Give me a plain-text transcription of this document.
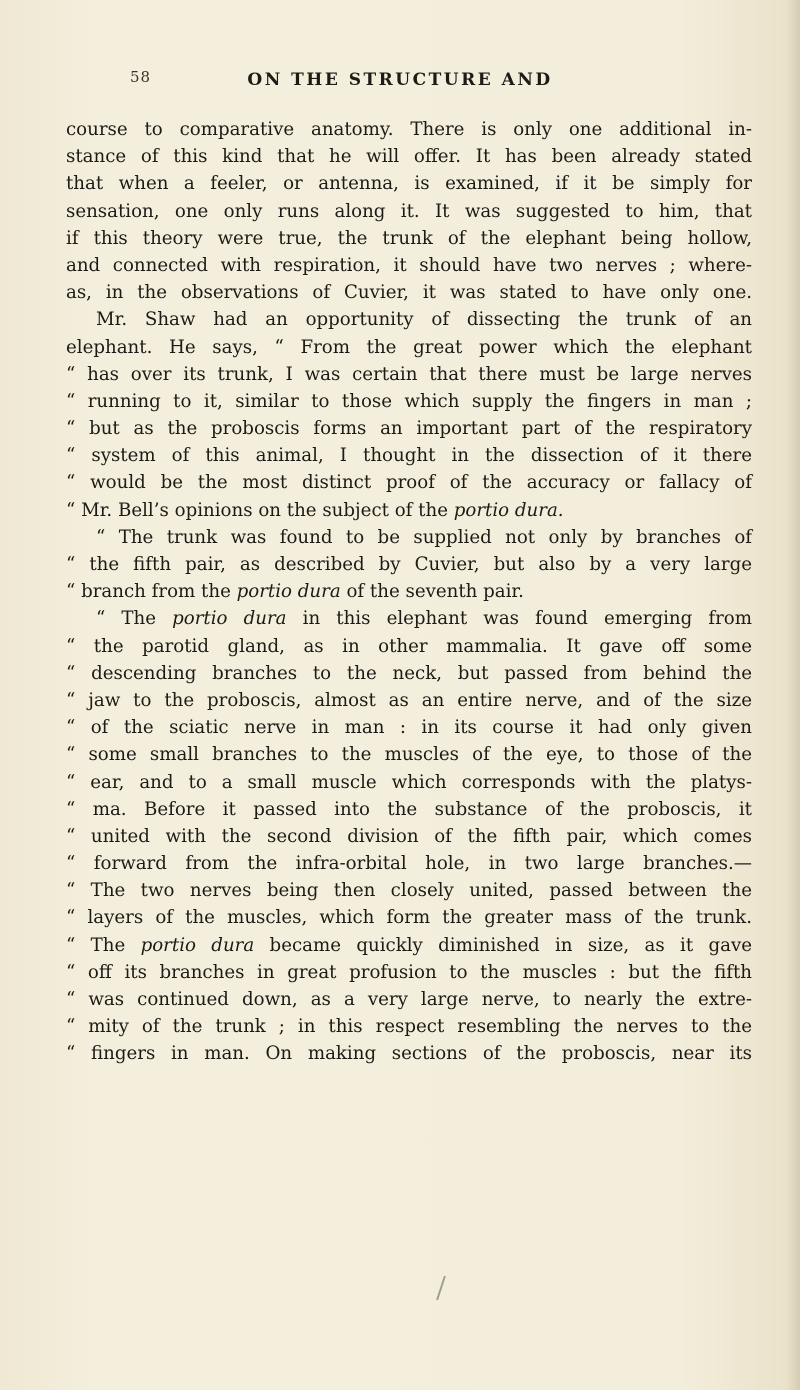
58	ON THE STRUCTURE AND
course to comparative anatomy. There is only one additional in-
stance of this kind that he will offer. It has been already stated
that when a feeler, or antenna, is examined, if it be simply for
sensation, one only runs along it. It was suggested to him, that
if this theory were true, the trunk of the elephant being hollow,
and connected with respiration, it should have two nerves ; where-
as, in the observations of Cuvier, it was stated to have only one.
Mr. Shaw had an opportunity of dissecting the trunk of an
elephant. He says, “ From the great power which the elephant
“ has over its trunk, I was certain that there must be large nerves
“ running to it, similar to those which supply the fingers in man ;
“ but as the proboscis forms an important part of the respiratory
“ system of this animal, I thought in the dissection of it there
“ would be the most distinct proof of the accuracy or fallacy of
“ Mr. Bell’s opinions on the subject of the portio dura.
“ The trunk was found to be supplied not only by branches of
“ the fifth pair, as described by Cuvier, but also by a very large
“ branch from the portio dura of the seventh pair.
“ The portio dura in this elephant was found emerging from
“ the parotid gland, as in other mammalia. It gave off some
“ descending branches to the neck, but passed from behind the
“ jaw to the proboscis, almost as an entire nerve, and of the size
“ of the sciatic nerve in man : in its course it had only given
“ some small branches to the muscles of the eye, to those of the
“ ear, and to a small muscle which corresponds with the platys-
“ ma. Before it passed into the substance of the proboscis, it
“ united with the second division of the fifth pair, which comes
“ forward from the infra-orbital hole, in two large branches.—
“ The two nerves being then closely united, passed between the
“ layers of the muscles, which form the greater mass of the trunk.
“ The portio dura became quickly diminished in size, as it gave
“ off its branches in great profusion to the muscles : but the fifth
“ was continued down, as a very large nerve, to nearly the extre-
“ mity of the trunk ; in this respect resembling the nerves to the
“ fingers in man. On making sections of the proboscis, near its
